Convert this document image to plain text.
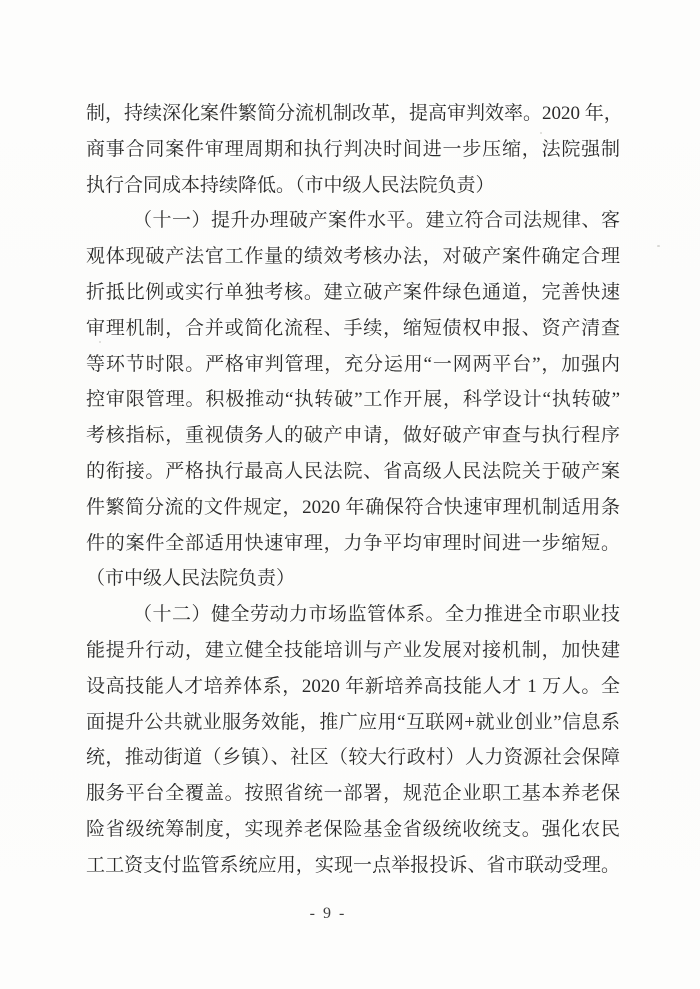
制，持续深化案件繁简分流机制改革，提高审判效率。2020 年，
商事合同案件审理周期和执行判决时间进一步压缩，法院强制
执行合同成本持续降低。（市中级人民法院负责）
（十一）提升办理破产案件水平。建立符合司法规律、客
观体现破产法官工作量的绩效考核办法，对破产案件确定合理
折抵比例或实行单独考核。建立破产案件绿色通道，完善快速
审理机制，合并或简化流程、手续，缩短债权申报、资产清查
等环节时限。严格审判管理，充分运用“一网两平台”，加强内
控审限管理。积极推动“执转破”工作开展，科学设计“执转破”
考核指标，重视债务人的破产申请，做好破产审查与执行程序
的衔接。严格执行最高人民法院、省高级人民法院关于破产案
件繁简分流的文件规定，2020 年确保符合快速审理机制适用条
件的案件全部适用快速审理，力争平均审理时间进一步缩短。
（市中级人民法院负责）
（十二）健全劳动力市场监管体系。全力推进全市职业技
能提升行动，建立健全技能培训与产业发展对接机制，加快建
设高技能人才培养体系，2020 年新培养高技能人才 1 万人。全
面提升公共就业服务效能，推广应用“互联网+就业创业”信息系
统，推动街道（乡镇）、社区（较大行政村）人力资源社会保障
服务平台全覆盖。按照省统一部署，规范企业职工基本养老保
险省级统筹制度，实现养老保险基金省级统收统支。强化农民
工工资支付监管系统应用，实现一点举报投诉、省市联动受理。
- 9 -
